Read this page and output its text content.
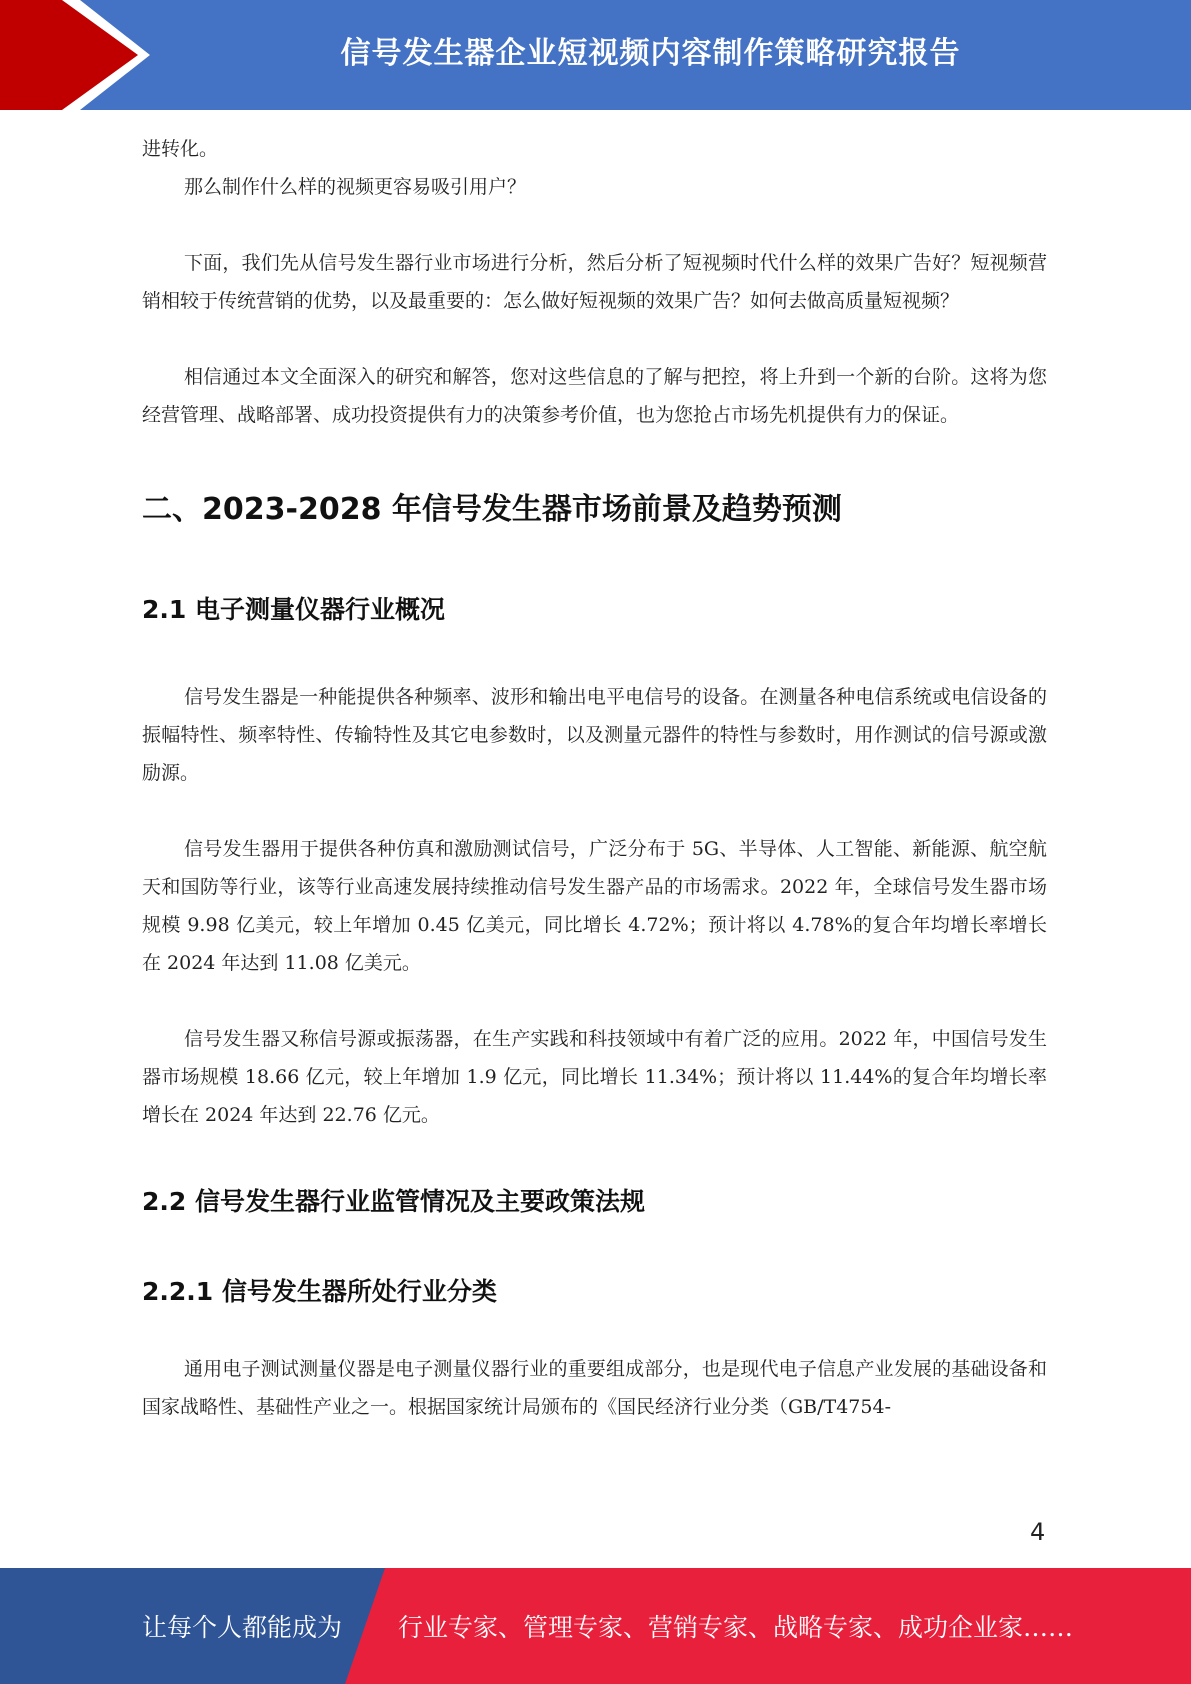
信号发生器企业短视频内容制作策略研究报告

进转化。

那么制作什么样的视频更容易吸引用户？

下面，我们先从信号发生器行业市场进行分析，然后分析了短视频时代什么样的效果广告好？短视频营销相较于传统营销的优势，以及最重要的：怎么做好短视频的效果广告？如何去做高质量短视频？

相信通过本文全面深入的研究和解答，您对这些信息的了解与把控，将上升到一个新的台阶。这将为您经营管理、战略部署、成功投资提供有力的决策参考价值，也为您抢占市场先机提供有力的保证。

二、2023-2028 年信号发生器市场前景及趋势预测
2.1 电子测量仪器行业概况

信号发生器是一种能提供各种频率、波形和输出电平电信号的设备。在测量各种电信系统或电信设备的振幅特性、频率特性、传输特性及其它电参数时，以及测量元器件的特性与参数时，用作测试的信号源或激励源。

信号发生器用于提供各种仿真和激励测试信号，广泛分布于 5G、半导体、人工智能、新能源、航空航天和国防等行业，该等行业高速发展持续推动信号发生器产品的市场需求。2022 年，全球信号发生器市场规模 9.98 亿美元，较上年增加 0.45 亿美元，同比增长 4.72%；预计将以 4.78%的复合年均增长率增长在 2024 年达到 11.08 亿美元。

信号发生器又称信号源或振荡器，在生产实践和科技领域中有着广泛的应用。2022 年，中国信号发生器市场规模 18.66 亿元，较上年增加 1.9 亿元，同比增长 11.34%；预计将以 11.44%的复合年均增长率增长在 2024 年达到 22.76 亿元。

2.2 信号发生器行业监管情况及主要政策法规
2.2.1 信号发生器所处行业分类

通用电子测试测量仪器是电子测量仪器行业的重要组成部分，也是现代电子信息产业发展的基础设备和国家战略性、基础性产业之一。根据国家统计局颁布的《国民经济行业分类（GB/T4754-

4
让每个人都能成为 行业专家、管理专家、营销专家、战略专家、成功企业家……
